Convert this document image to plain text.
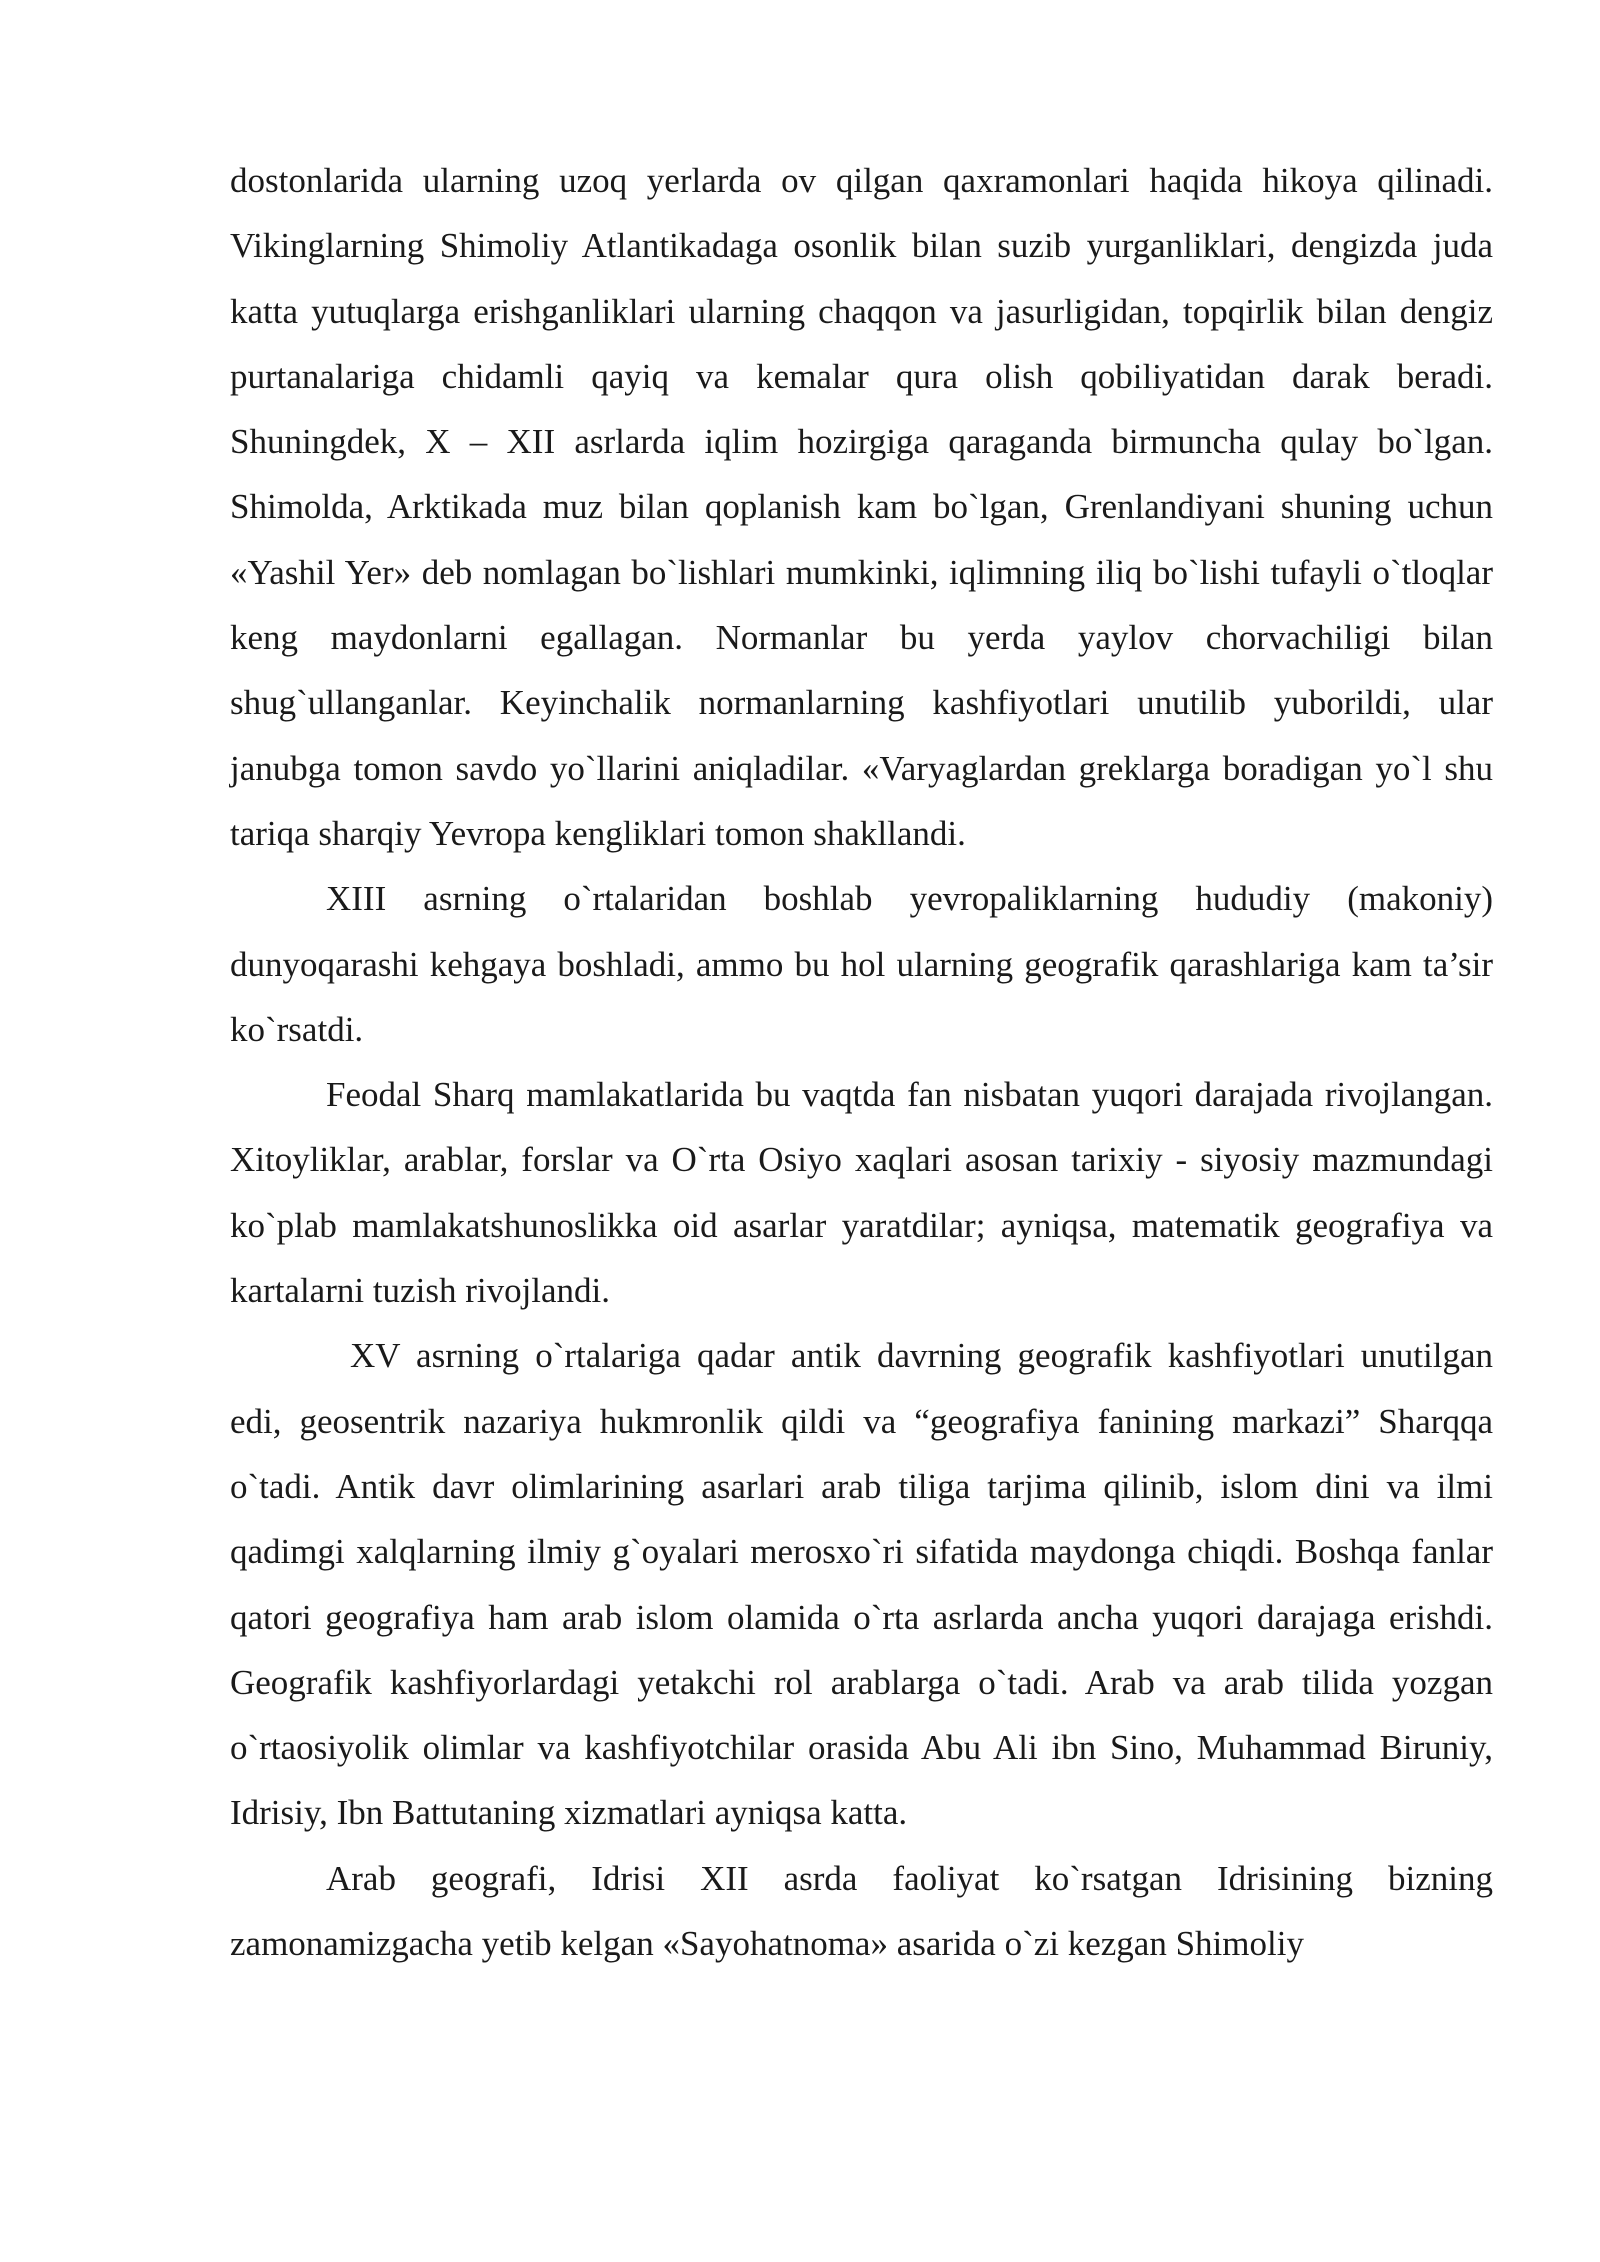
dostonlarida ularning uzoq yerlarda ov qilgan qaxramonlari haqida hikoya qilinadi. Vikinglarning Shimoliy Atlantikadaga osonlik bilan suzib yurganliklari, dengizda juda katta yutuqlarga erishganliklari ularning chaqqon va jasurligidan, topqirlik bilan dengiz purtanalariga chidamli qayiq va kemalar qura olish qobiliyatidan darak beradi. Shuningdek, X – XII asrlarda iqlim hozirgiga qaraganda birmuncha qulay bo`lgan. Shimolda, Arktikada muz bilan qoplanish kam bo`lgan, Grenlandiyani shuning uchun «Yashil Yer» deb nomlagan bo`lishlari mumkinki, iqlimning iliq bo`lishi tufayli o`tloqlar keng maydonlarni egallagan. Normanlar bu yerda yaylov chorvachiligi bilan shug`ullanganlar. Keyinchalik normanlarning kashfiyotlari unutilib yuborildi, ular janubga tomon savdo yo`llarini aniqladilar. «Varyaglardan greklarga boradigan yo`l shu tariqa sharqiy Yevropa kengliklari tomon shakllandi.

XIII asrning o`rtalaridan boshlab yevropaliklarning hududiy (makoniy) dunyoqarashi kehgaya boshladi, ammo bu hol ularning geografik qarashlariga kam ta’sir ko`rsatdi.

Feodal Sharq mamlakatlarida bu vaqtda fan nisbatan yuqori darajada rivojlangan. Xitoyliklar, arablar, forslar va O`rta Osiyo xaqlari asosan tarixiy - siyosiy mazmundagi ko`plab mamlakatshunoslikka oid asarlar yaratdilar; ayniqsa, matematik geografiya va kartalarni tuzish rivojlandi.

XV asrning o`rtalariga qadar antik davrning geografik kashfiyotlari unutilgan edi, geosentrik nazariya hukmronlik qildi va “geografiya fanining markazi” Sharqqa o`tadi. Antik davr olimlarining asarlari arab tiliga tarjima qilinib, islom dini va ilmi qadimgi xalqlarning ilmiy g`oyalari merosxo`ri sifatida maydonga chiqdi. Boshqa fanlar qatori geografiya ham arab islom olamida o`rta asrlarda ancha yuqori darajaga erishdi. Geografik kashfiyorlardagi yetakchi rol arablarga o`tadi. Arab va arab tilida yozgan o`rtaosiyolik olimlar va kashfiyotchilar orasida Abu Ali ibn Sino, Muhammad Biruniy, Idrisiy, Ibn Battutaning xizmatlari ayniqsa katta.

Arab geografi, Idrisi XII asrda faoliyat ko`rsatgan Idrisining bizning zamonamizgacha yetib kelgan «Sayohatnoma» asarida o`zi kezgan Shimoliy
